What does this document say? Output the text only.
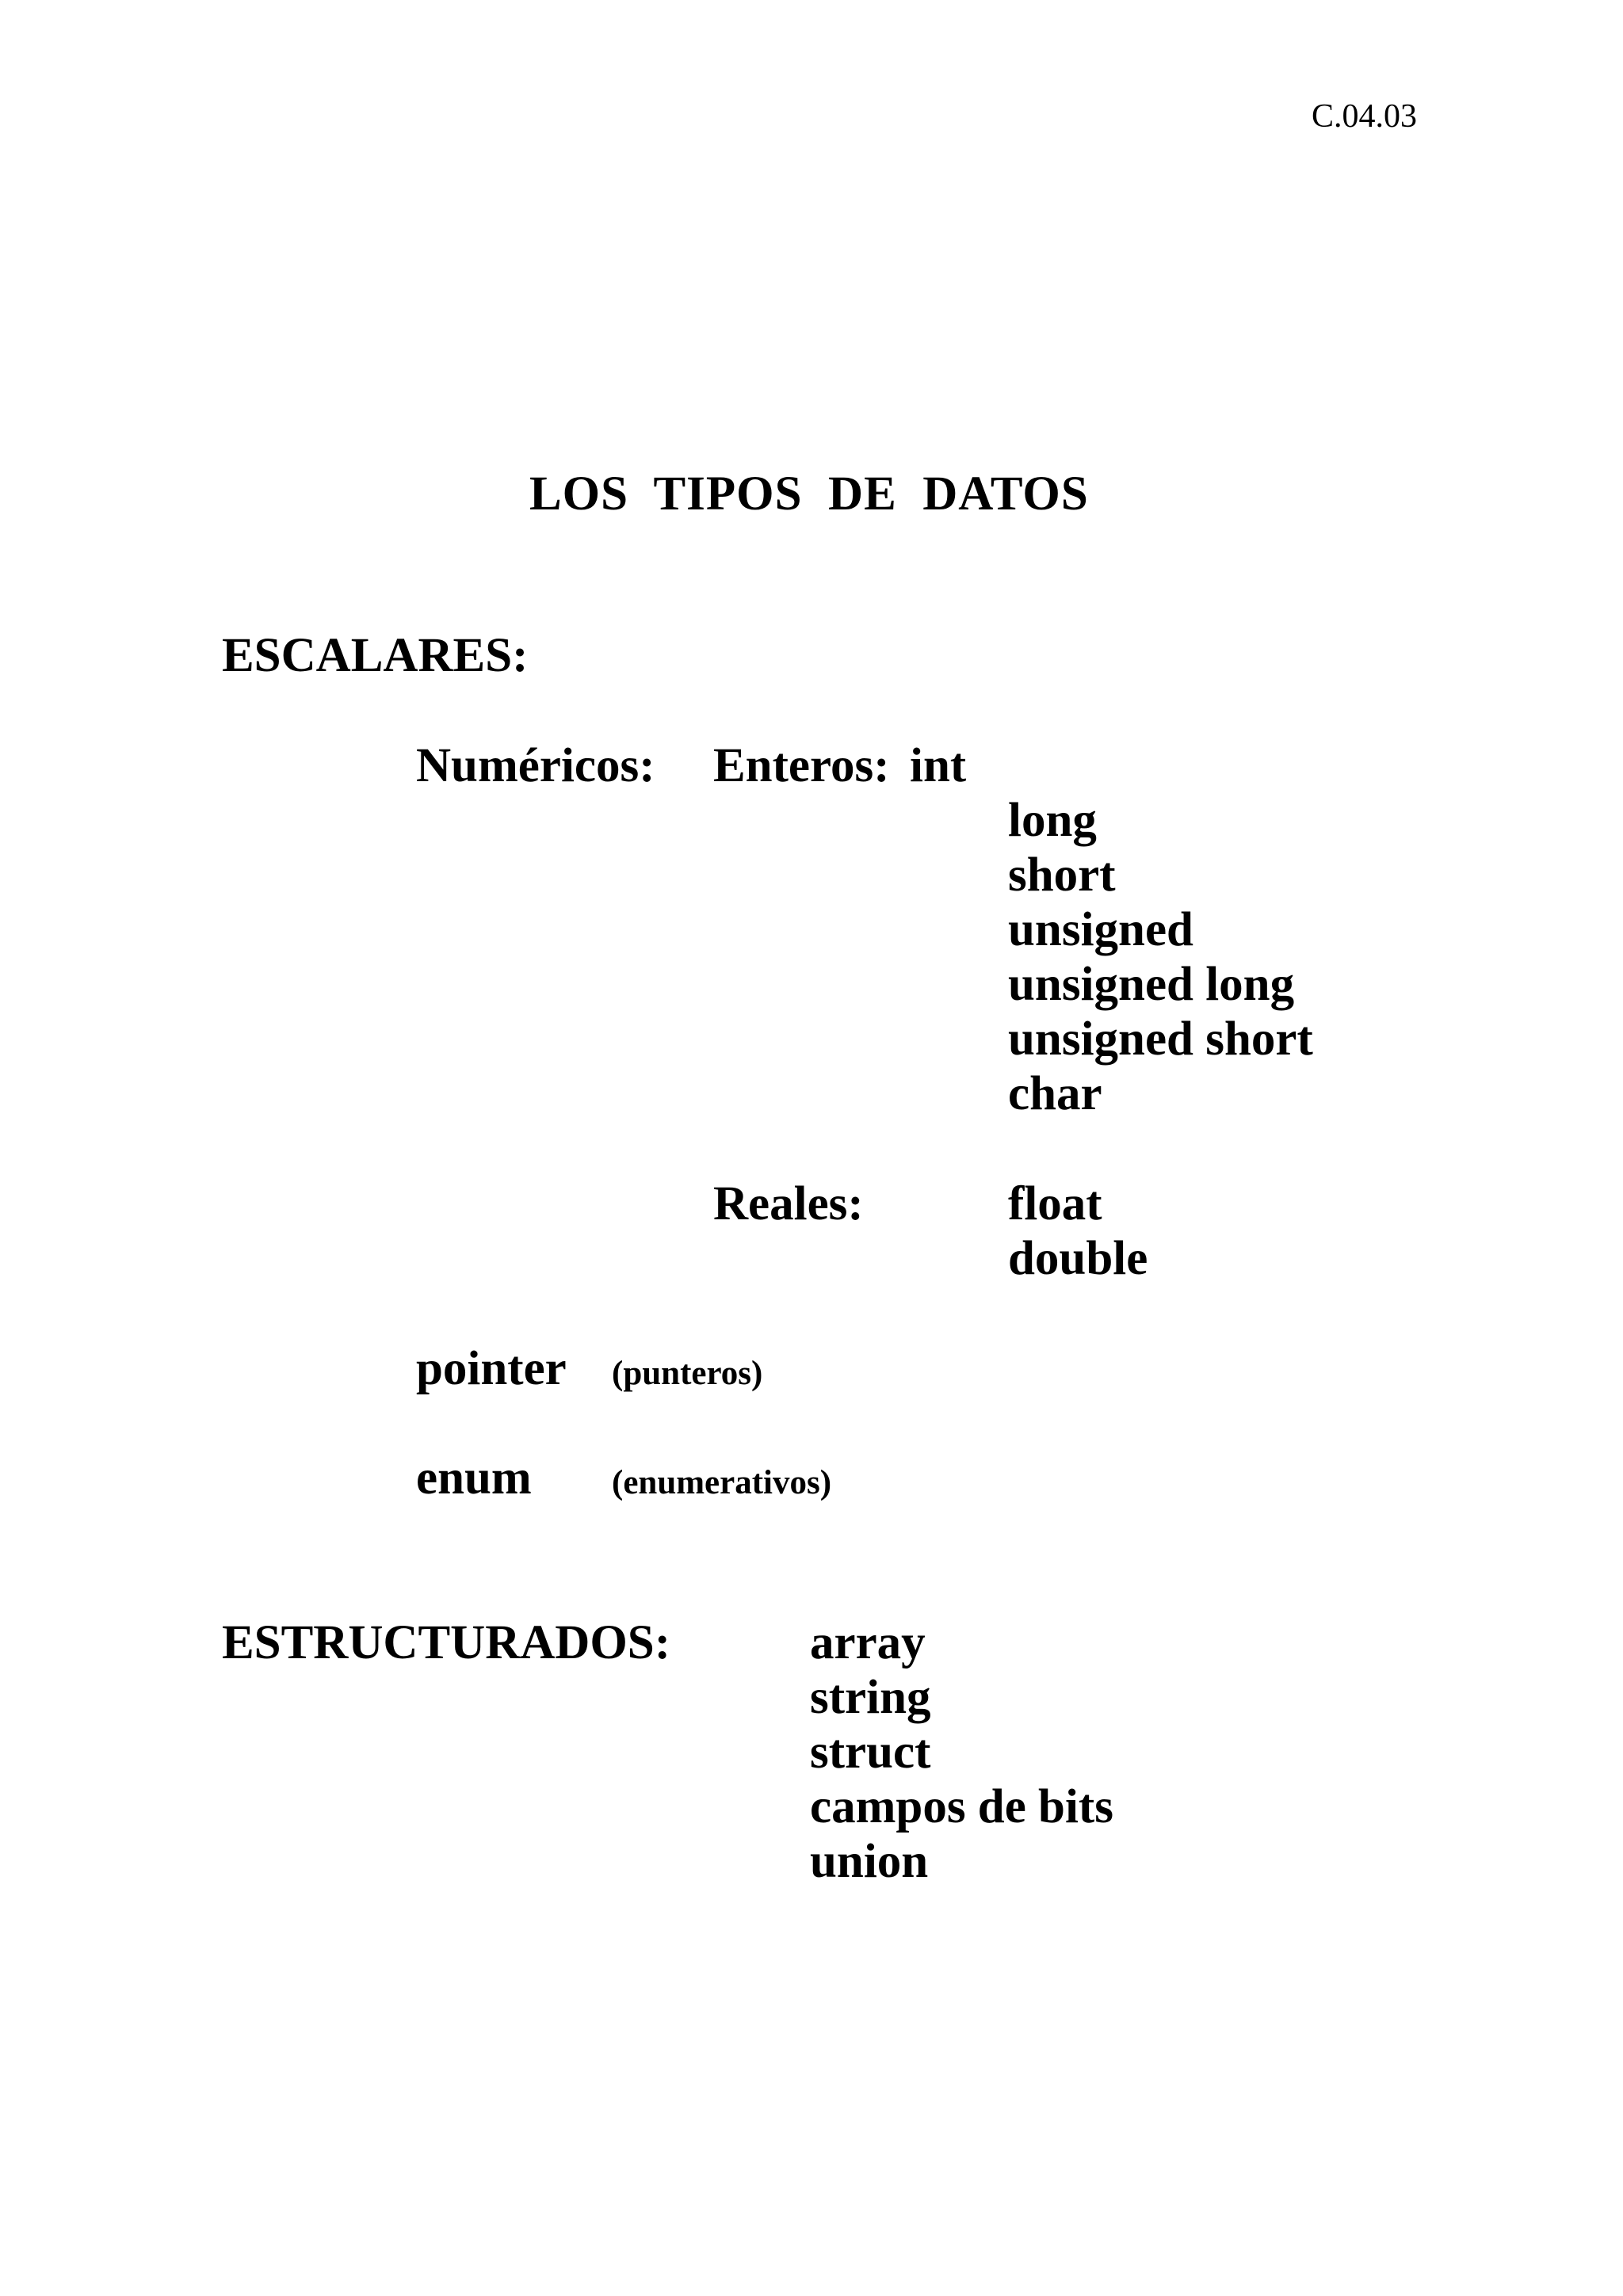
C.04.03
LOS  TIPOS  DE  DATOS
ESCALARES:
Numéricos: Enteros: int
long
short
unsigned
unsigned long
unsigned short
char
Reales:	float
double
pointer (punteros)
enum (enumerativos)
ESTRUCTURADOS:	array
string
struct
campos de bits
union
